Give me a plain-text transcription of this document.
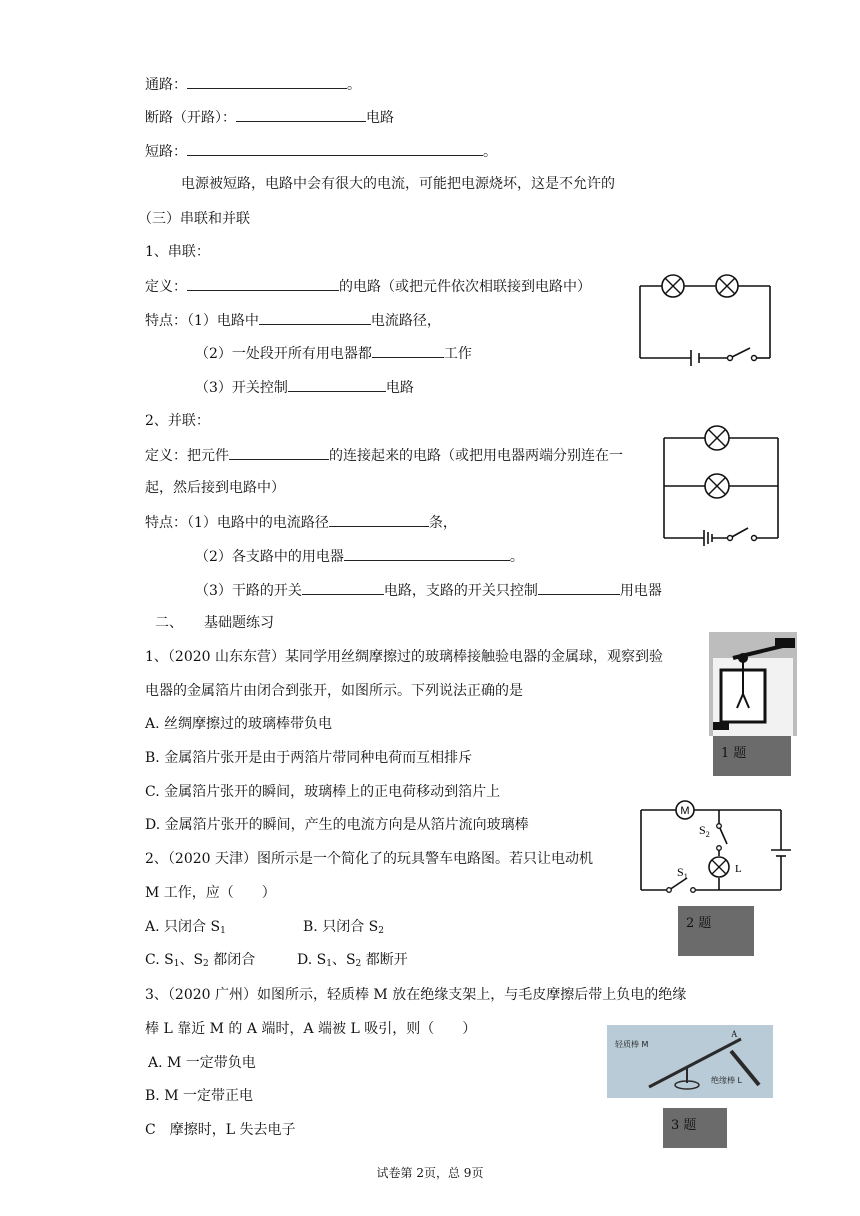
通路：	。
断路（开路）：	电路
短路：	。
电源被短路，电路中会有很大的电流，可能把电源烧坏，这是不允许的
（三）串联和并联
1、串联：
定义：	的电路（或把元件依次相联接到电路中）
特点：（1）电路中	电流路径，
（2）一处段开所有用电器都	工作
（3）开关控制	电路
2、并联：
定义：把元件	的连接起来的电路（或把用电器两端分别连在一
起，然后接到电路中）
特点：（1）电路中的电流路径	条，
（2）各支路中的用电器	。
（3）干路的开关	电路，支路的开关只控制	用电器
二、　　基础题练习
1、（2020 山东东营）某同学用丝绸摩擦过的玻璃棒接触验电器的金属球，观察到验
电器的金属箔片由闭合到张开，如图所示。下列说法正确的是
A. 丝绸摩擦过的玻璃棒带负电
B. 金属箔片张开是由于两箔片带同种电荷而互相排斥
C. 金属箔片张开的瞬间，玻璃棒上的正电荷移动到箔片上
D. 金属箔片张开的瞬间，产生的电流方向是从箔片流向玻璃棒
1 题
2、（2020 天津）图所示是一个简化了的玩具警车电路图。若只让电动机
M 工作，应（　　）
A. 只闭合 $S_1$	B. 只闭合 $S_2$
C. $S_1$、$S_2$ 都闭合	D. $S_1$、$S_2$ 都断开
M
L
$S_2$
$S_1$
2 题
3、（2020 广州）如图所示，轻质棒 M 放在绝缘支架上，与毛皮摩擦后带上负电的绝缘
棒 L 靠近 M 的 A 端时，A 端被 L 吸引，则（　　）
A. M 一定带负电
B. M 一定带正电
C　摩擦时，L 失去电子
轻质棒 M
A
绝缘棒 L
3 题
试卷第 2页，总 9页
